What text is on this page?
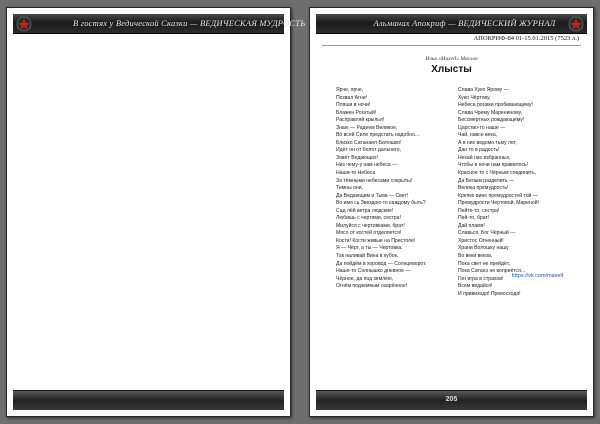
В гостях у Ведической Сказки — ВЕДИЧЕСКАЯ МУДРОСТЬ	Альманах Апокриф — ВЕДИЧЕСКИЙ ЖУРНАЛ
АПОКРИФ-84 01-15.01.2015 (7523 л.)
Илья «Maxell» Маслов
Хлысты
Ярче, ярче,
Позвал Агни!
Пляши в ночи!
Блажен Рогатый!
Расправляй крылья!
Знаю — Радеем Великое,
Во всей Силе предстать надобно...
Близко Сатанаил-Батюшко!
Идёт он от болот дальнего,
Зовёт Ведающих!
Низ чему-у нам небеса —
Наши-то Небеса
За тёмными небесами сокрыты!
Темны они,
Да Ведающим и Тьма — Свет!
Во имя сь Звездою-то каждому быть?
Сад лёй ветра людские!
Любишь с чертями, сестра!
Милуйся с чертовками, брат!
Мясо от костей отделяется!
Кости! Кости живые на Престоле!
Я — Чёрт, а ты — Чертовка,
Так наливай Вина в кубок,
Да пойдём в хоровод — Солнцеворот.
Наше-то Солнышко дневное —
Чёрное, да под землёю,
Огнём подземным озарённое!
Слава Хуко Ярому —
Хуко Чёртову,
Небеса рогами пробивающему!
Слава Чрему Марениному,
Бессмертных рождающему!
Царство-то наше —
Чай, навсе века,
А в них ведомо тьму лет,
Дан то в радость!
Нехай нас избранных,
Чтобы в ночи нам правилось!
Красное то с Чёрным соединить,
Да Белым разделить —
Велика премудрость!
Крепко вино премудростей той —
Премудрости Чертовой, Мареной!
Пейте-то, сестра!
Пей-то, брат!
Дай пламя!
Славься, Бог Чёрный —
Христос Огненный!
Храни Волошку нашу
Во веки веков,
Пока свет не прейдёт,
Пока Сатанэ не вопреётся...
Гон игра в страхов!
Всем ведайся!
И привиходя! Превосходя!
https://vk.com/maxell
205
